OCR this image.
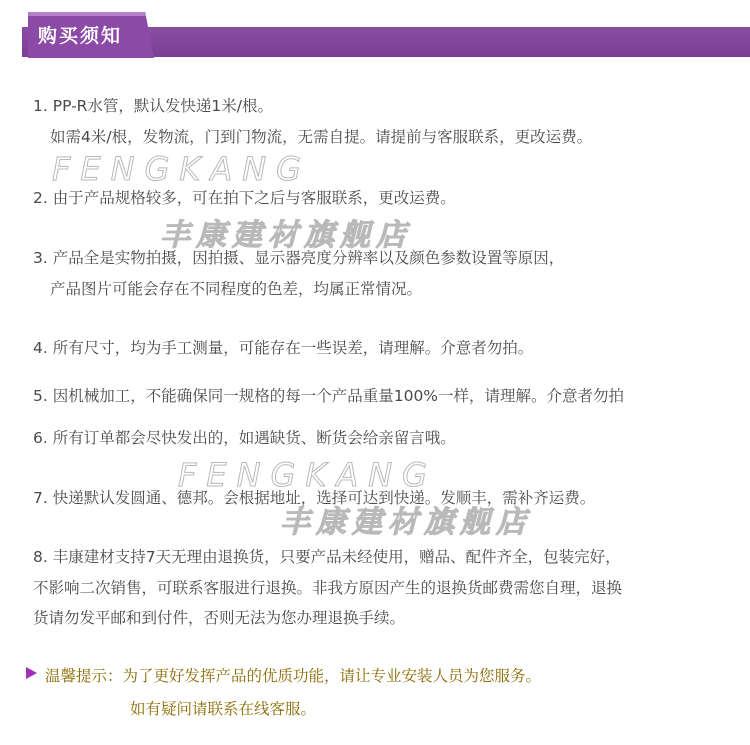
购买须知
FENGKANG
丰康建材旗舰店
FENGKANG
丰康建材旗舰店
1. PP-R水管，默认发快递1米/根。
如需4米/根，发物流，门到门物流，无需自提。请提前与客服联系，更改运费。
2. 由于产品规格较多，可在拍下之后与客服联系，更改运费。
3. 产品全是实物拍摄，因拍摄、显示器亮度分辨率以及颜色参数设置等原因，
产品图片可能会存在不同程度的色差，均属正常情况。
4. 所有尺寸，均为手工测量，可能存在一些误差，请理解。介意者勿拍。
5. 因机械加工，不能确保同一规格的每一个产品重量100%一样，请理解。介意者勿拍
6. 所有订单都会尽快发出的，如遇缺货、断货会给亲留言哦。
7. 快递默认发圆通、德邦。会根据地址，选择可达到快递。发顺丰，需补齐运费。
8. 丰康建材支持7天无理由退换货，只要产品未经使用，赠品、配件齐全，包装完好，
不影响二次销售，可联系客服进行退换。非我方原因产生的退换货邮费需您自理，退换
货请勿发平邮和到付件，否则无法为您办理退换手续。
温馨提示：为了更好发挥产品的优质功能，请让专业安装人员为您服务。
如有疑问请联系在线客服。
